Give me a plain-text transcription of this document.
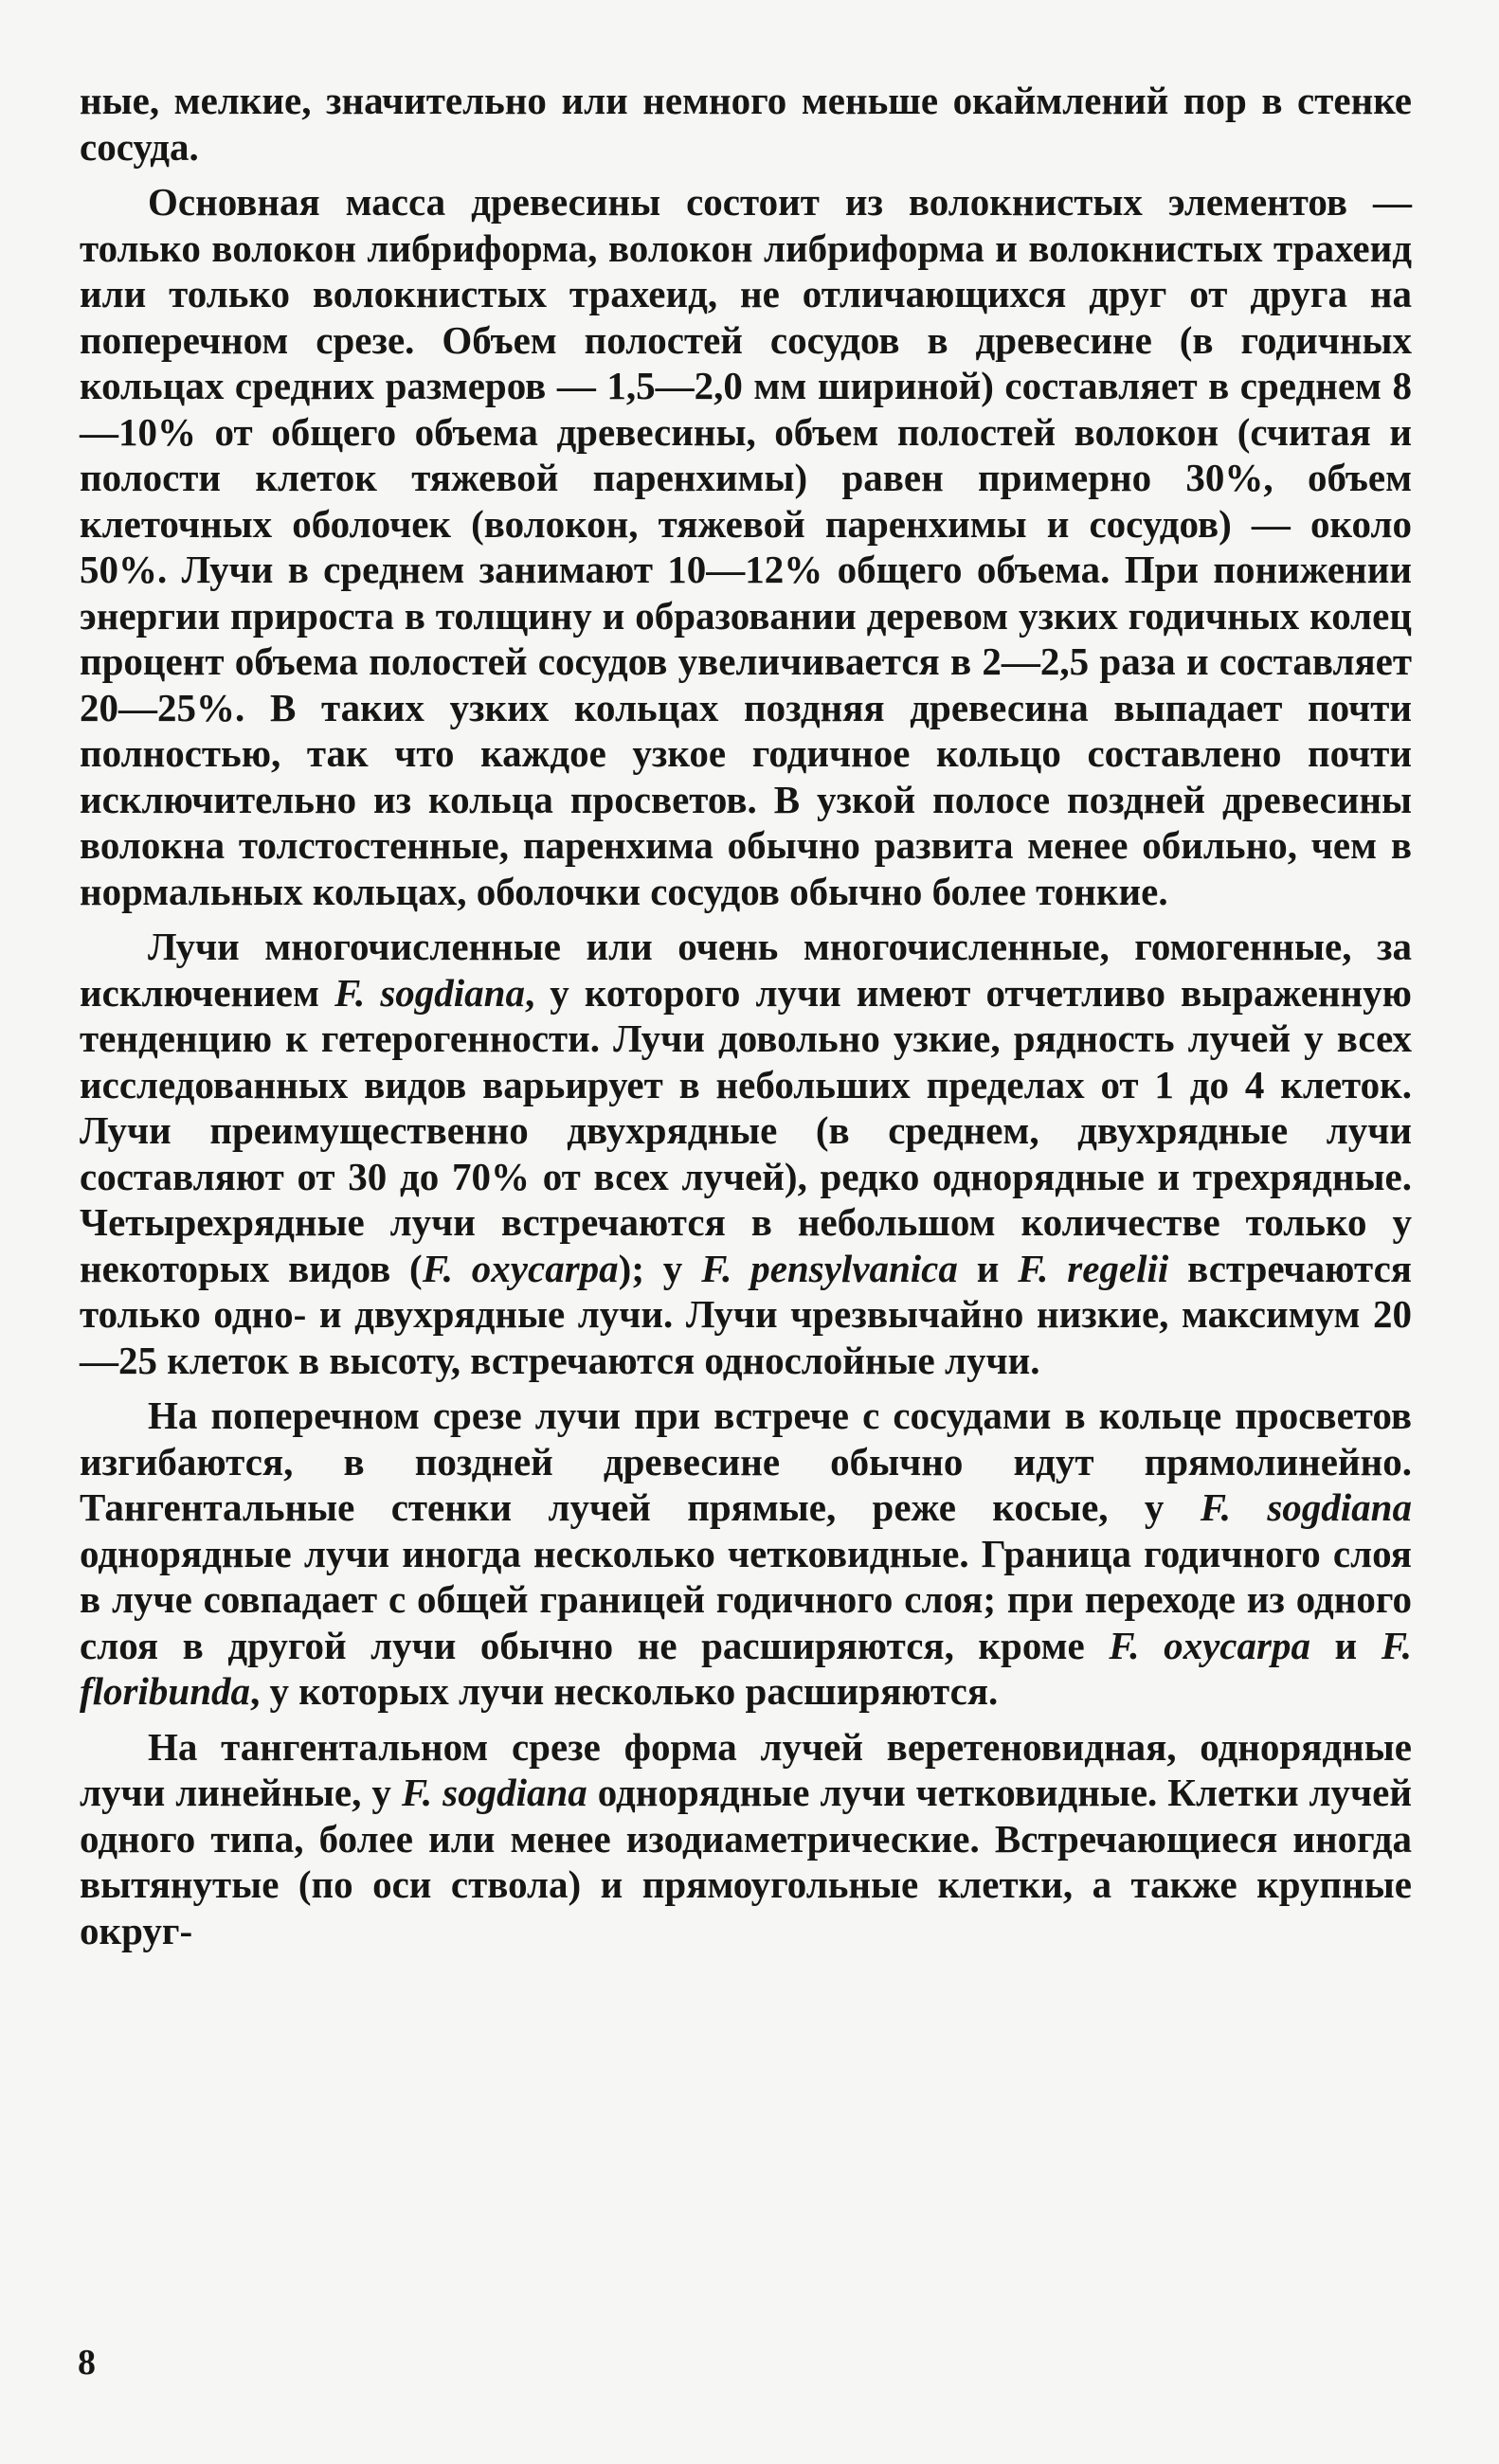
ные, мелкие, значительно или немного меньше окаймлений пор в стенке сосуда.

Основная масса древесины состоит из волокнистых элементов — только волокон либриформа, волокон либриформа и волокнистых трахеид или только волокнистых трахеид, не отличающихся друг от друга на поперечном срезе. Объем полостей сосудов в древесине (в годичных кольцах средних размеров — 1,5—2,0 мм шириной) составляет в среднем 8—10% от общего объема древесины, объем полостей волокон (считая и полости клеток тяжевой паренхимы) равен примерно 30%, объем клеточных оболочек (волокон, тяжевой паренхимы и сосудов) — около 50%. Лучи в среднем занимают 10—12% общего объема. При понижении энергии прироста в толщину и образовании деревом узких годичных колец процент объема полостей сосудов увеличивается в 2—2,5 раза и составляет 20—25%. В таких узких кольцах поздняя древесина выпадает почти полностью, так что каждое узкое годичное кольцо составлено почти исключительно из кольца просветов. В узкой полосе поздней древесины волокна толстостенные, паренхима обычно развита менее обильно, чем в нормальных кольцах, оболочки сосудов обычно более тонкие.

Лучи многочисленные или очень многочисленные, гомогенные, за исключением F. sogdiana, у которого лучи имеют отчетливо выраженную тенденцию к гетерогенности. Лучи довольно узкие, рядность лучей у всех исследованных видов варьирует в небольших пределах от 1 до 4 клеток. Лучи преимущественно двухрядные (в среднем, двухрядные лучи составляют от 30 до 70% от всех лучей), редко однорядные и трехрядные. Четырехрядные лучи встречаются в небольшом количестве только у некоторых видов (F. oxycarpa); у F. pensylvanica и F. regelii встречаются только одно- и двухрядные лучи. Лучи чрезвычайно низкие, максимум 20—25 клеток в высоту, встречаются однослойные лучи.

На поперечном срезе лучи при встрече с сосудами в кольце просветов изгибаются, в поздней древесине обычно идут прямолинейно. Тангентальные стенки лучей прямые, реже косые, у F. sogdiana однорядные лучи иногда несколько четковидные. Граница годичного слоя в луче совпадает с общей границей годичного слоя; при переходе из одного слоя в другой лучи обычно не расширяются, кроме F. oxycarpa и F. floribunda, у которых лучи несколько расширяются.

На тангентальном срезе форма лучей веретеновидная, однорядные лучи линейные, у F. sogdiana однорядные лучи четковидные. Клетки лучей одного типа, более или менее изодиаметрические. Встречающиеся иногда вытянутые (по оси ствола) и прямоугольные клетки, а также крупные округ-

8
